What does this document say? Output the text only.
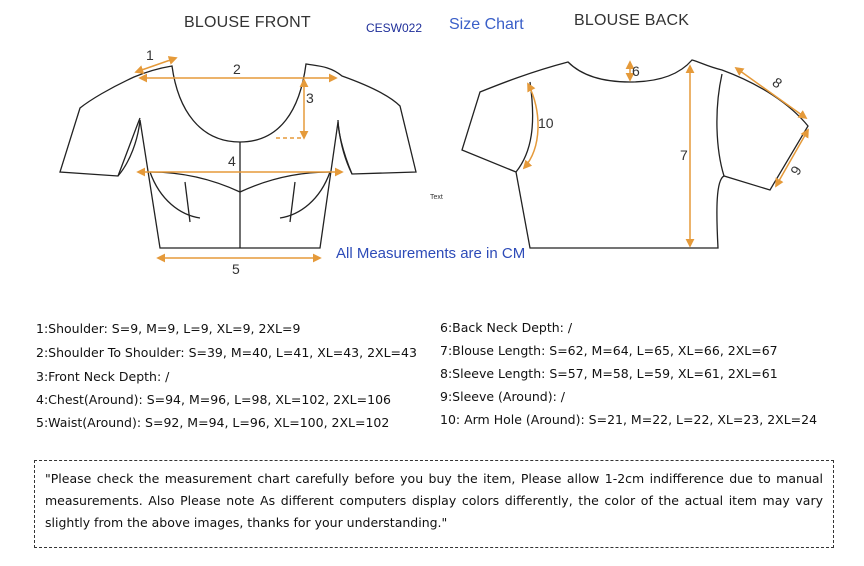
BLOUSE FRONT	CESW022 Size Chart	BLOUSE BACK
1
2
3
4
5
6
7
8
9
10
Text
All Measurements are in CM
1:Shoulder: S=9, M=9, L=9, XL=9, 2XL=9
2:Shoulder To Shoulder: S=39, M=40, L=41, XL=43, 2XL=43
3:Front Neck Depth: /
4:Chest(Around): S=94, M=96, L=98, XL=102, 2XL=106
5:Waist(Around): S=92, M=94, L=96, XL=100, 2XL=102
6:Back Neck Depth: /
7:Blouse Length: S=62, M=64, L=65, XL=66, 2XL=67
8:Sleeve Length: S=57, M=58, L=59, XL=61, 2XL=61
9:Sleeve (Around): /
10: Arm Hole (Around): S=21, M=22, L=22, XL=23, 2XL=24

"Please check the measurement chart carefully before you buy the item, Please allow 1-2cm indifference due to manual measurements. Also Please note As different computers display colors differently, the color of the actual item may vary slightly from the above images, thanks for your understanding."
